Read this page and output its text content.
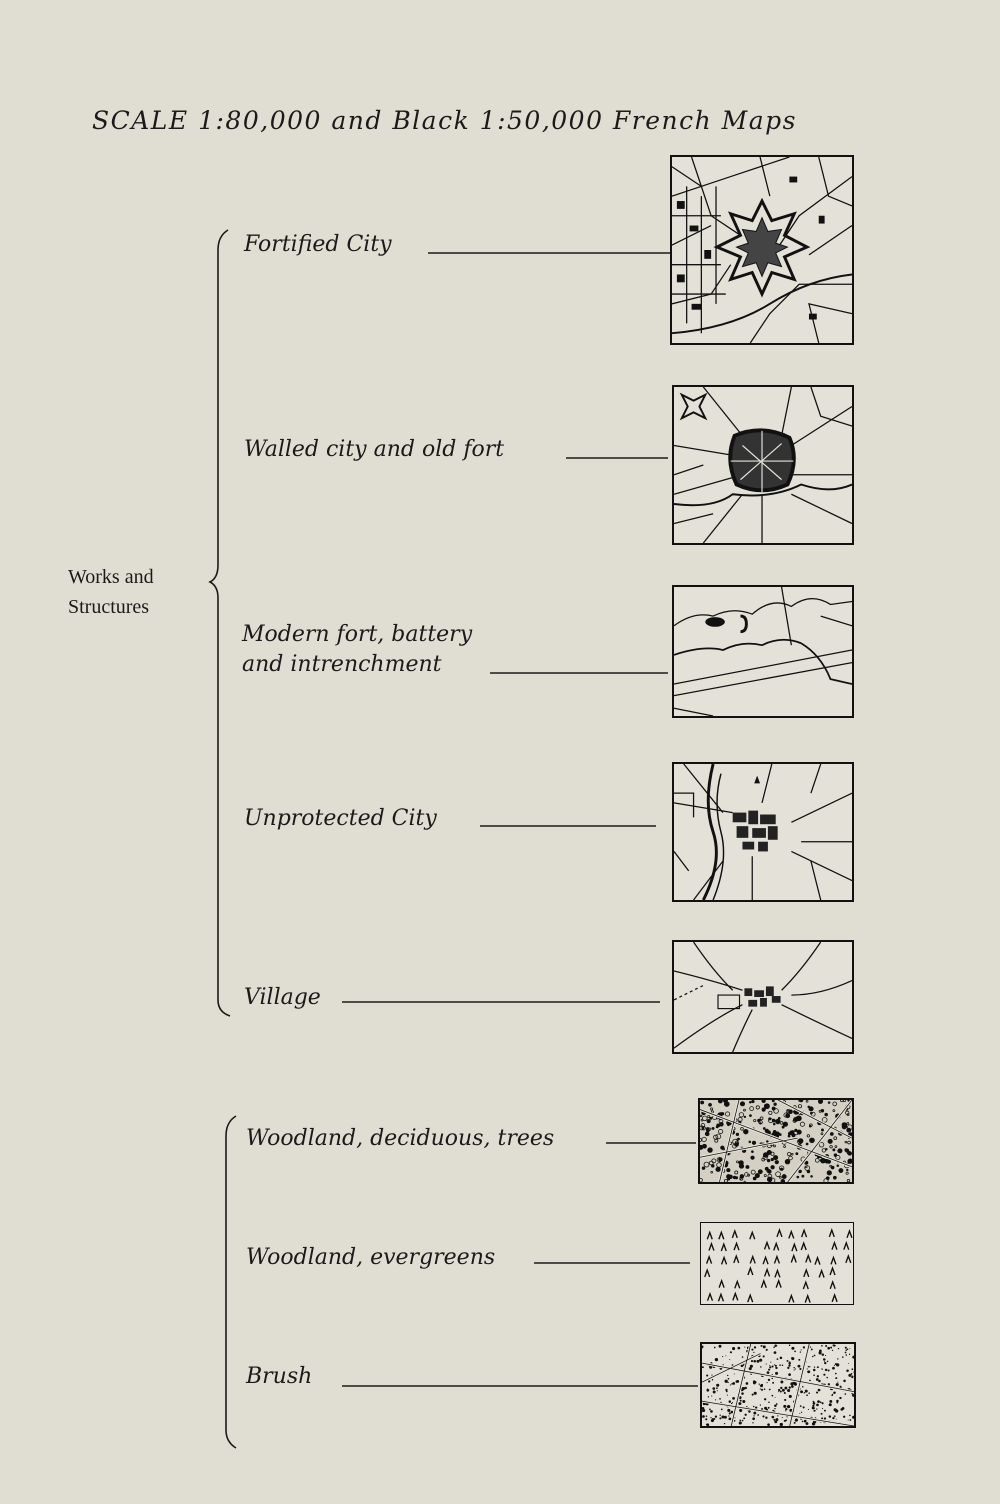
SCALE 1:80,000 and Black 1:50,000 French Maps
Works and
Structures
Fortified City
Walled city and old fort
Modern fort, battery
and intrenchment
Unprotected City
Village
Woodland, deciduous, trees
Woodland, evergreens
Brush
